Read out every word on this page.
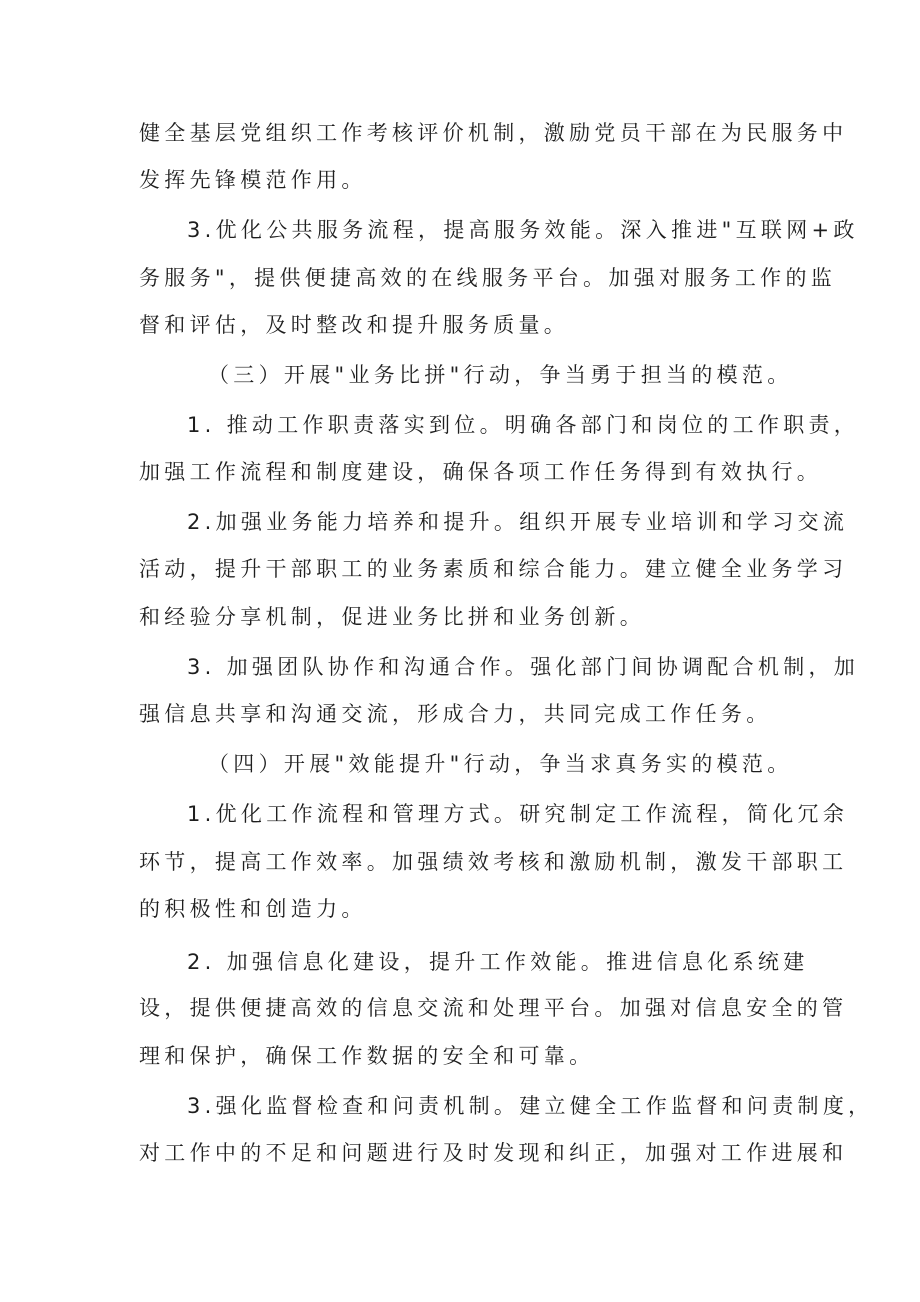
健全基层党组织工作考核评价机制，激励党员干部在为民服务中
发挥先锋模范作用。
3.优化公共服务流程，提高服务效能。深入推进"互联网+政
务服务"，提供便捷高效的在线服务平台。加强对服务工作的监
督和评估，及时整改和提升服务质量。
（三）开展"业务比拼"行动，争当勇于担当的模范。
1. 推动工作职责落实到位。明确各部门和岗位的工作职责，
加强工作流程和制度建设，确保各项工作任务得到有效执行。
2.加强业务能力培养和提升。组织开展专业培训和学习交流
活动，提升干部职工的业务素质和综合能力。建立健全业务学习
和经验分享机制，促进业务比拼和业务创新。
3. 加强团队协作和沟通合作。强化部门间协调配合机制，加
强信息共享和沟通交流，形成合力，共同完成工作任务。
（四）开展"效能提升"行动，争当求真务实的模范。
1.优化工作流程和管理方式。研究制定工作流程，简化冗余
环节，提高工作效率。加强绩效考核和激励机制，激发干部职工
的积极性和创造力。
2. 加强信息化建设，提升工作效能。推进信息化系统建
设，提供便捷高效的信息交流和处理平台。加强对信息安全的管
理和保护，确保工作数据的安全和可靠。
3.强化监督检查和问责机制。建立健全工作监督和问责制度，
对工作中的不足和问题进行及时发现和纠正，加强对工作进展和
